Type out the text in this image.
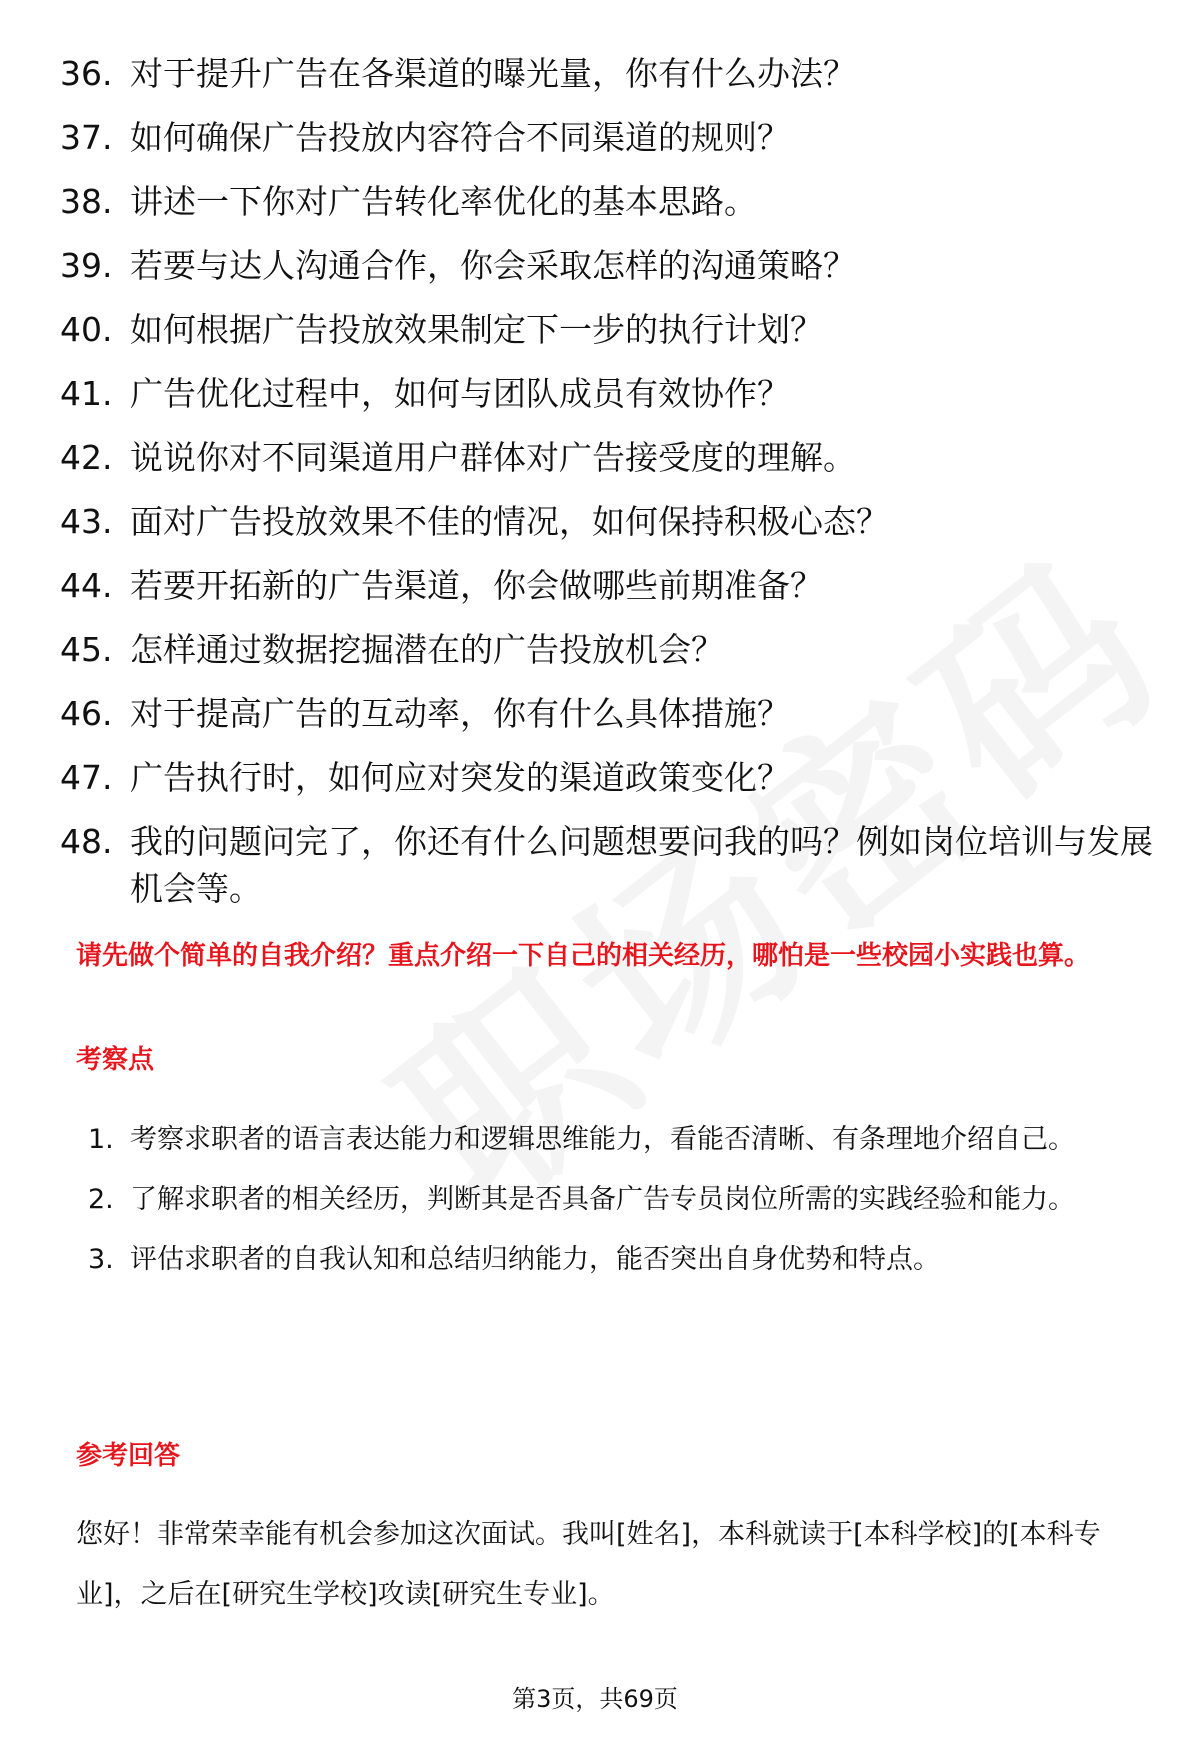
36. 对于提升广告在各渠道的曝光量，你有什么办法？
37. 如何确保广告投放内容符合不同渠道的规则？
38. 讲述一下你对广告转化率优化的基本思路。
39. 若要与达人沟通合作，你会采取怎样的沟通策略？
40. 如何根据广告投放效果制定下一步的执行计划？
41. 广告优化过程中，如何与团队成员有效协作？
42. 说说你对不同渠道用户群体对广告接受度的理解。
43. 面对广告投放效果不佳的情况，如何保持积极心态？
44. 若要开拓新的广告渠道，你会做哪些前期准备？
45. 怎样通过数据挖掘潜在的广告投放机会？
46. 对于提高广告的互动率，你有什么具体措施？
47. 广告执行时，如何应对突发的渠道政策变化？
48. 我的问题问完了，你还有什么问题想要问我的吗？例如岗位培训与发展机会等。

请先做个简单的自我介绍？重点介绍一下自己的相关经历，哪怕是一些校园小实践也算。

考察点
1. 考察求职者的语言表达能力和逻辑思维能力，看能否清晰、有条理地介绍自己。
2. 了解求职者的相关经历，判断其是否具备广告专员岗位所需的实践经验和能力。
3. 评估求职者的自我认知和总结归纳能力，能否突出自身优势和特点。
参考回答

您好！非常荣幸能有机会参加这次面试。我叫[姓名]，本科就读于[本科学校]的[本科专业]，之后在[研究生学校]攻读[研究生专业]。

第3页，共69页
